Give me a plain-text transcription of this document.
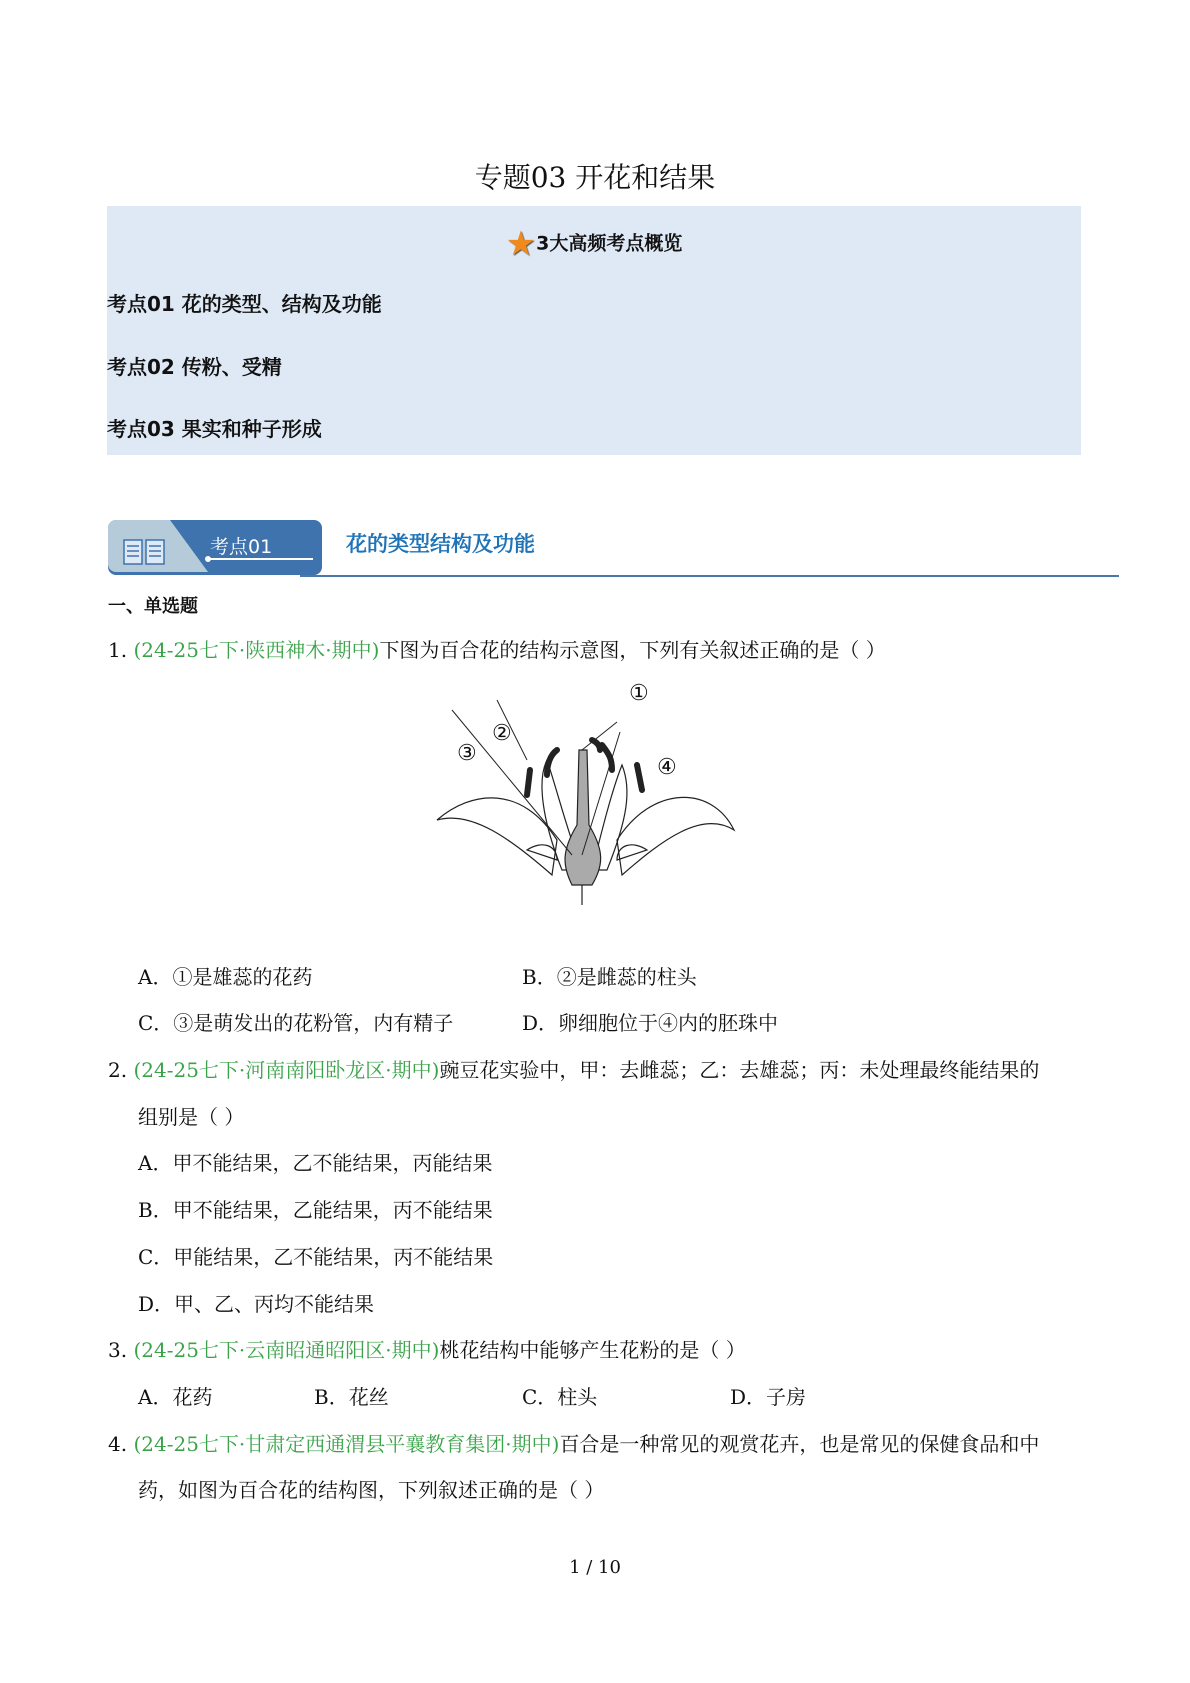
专题03 开花和结果
★3大高频考点概览
考点01 花的类型、结构及功能
考点02 传粉、受精
考点03 果实和种子形成
考点01	花的类型结构及功能
一、单选题
1. (24-25七下·陕西神木·期中)下图为百合花的结构示意图，下列有关叙述正确的是（ ）
①
②
③
④
A．①是雄蕊的花药	B．②是雌蕊的柱头
C．③是萌发出的花粉管，内有精子	D．卵细胞位于④内的胚珠中
2. (24-25七下·河南南阳卧龙区·期中)豌豆花实验中，甲：去雌蕊；乙：去雄蕊；丙：未处理最终能结果的
组别是（ ）
A．甲不能结果，乙不能结果，丙能结果
B．甲不能结果，乙能结果，丙不能结果
C．甲能结果，乙不能结果，丙不能结果
D．甲、乙、丙均不能结果
3. (24-25七下·云南昭通昭阳区·期中)桃花结构中能够产生花粉的是（ ）
A．花药	B．花丝	C．柱头	D．子房
4. (24-25七下·甘肃定西通渭县平襄教育集团·期中)百合是一种常见的观赏花卉，也是常见的保健食品和中
药，如图为百合花的结构图，下列叙述正确的是（ ）
1 / 10
